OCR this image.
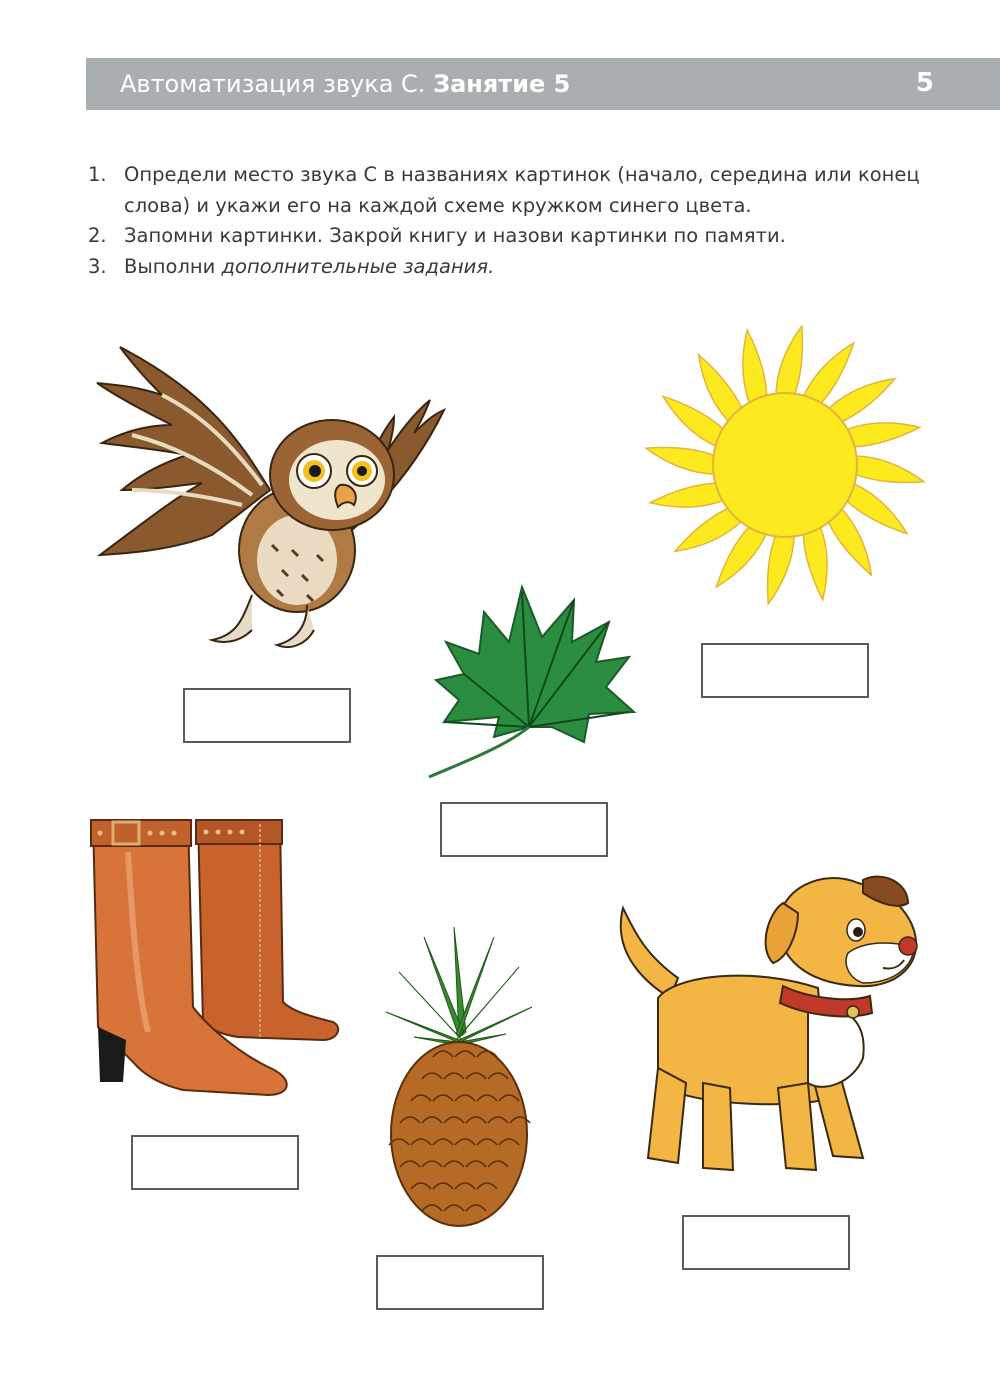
Автоматизация звука С. Занятие 5	5
1. Определи место звука С в названиях картинок (начало, середина или конец слова) и укажи его на каждой схеме кружком синего цвета.
2. Запомни картинки. Закрой книгу и назови картинки по памяти.
3. Выполни дополнительные задания.
